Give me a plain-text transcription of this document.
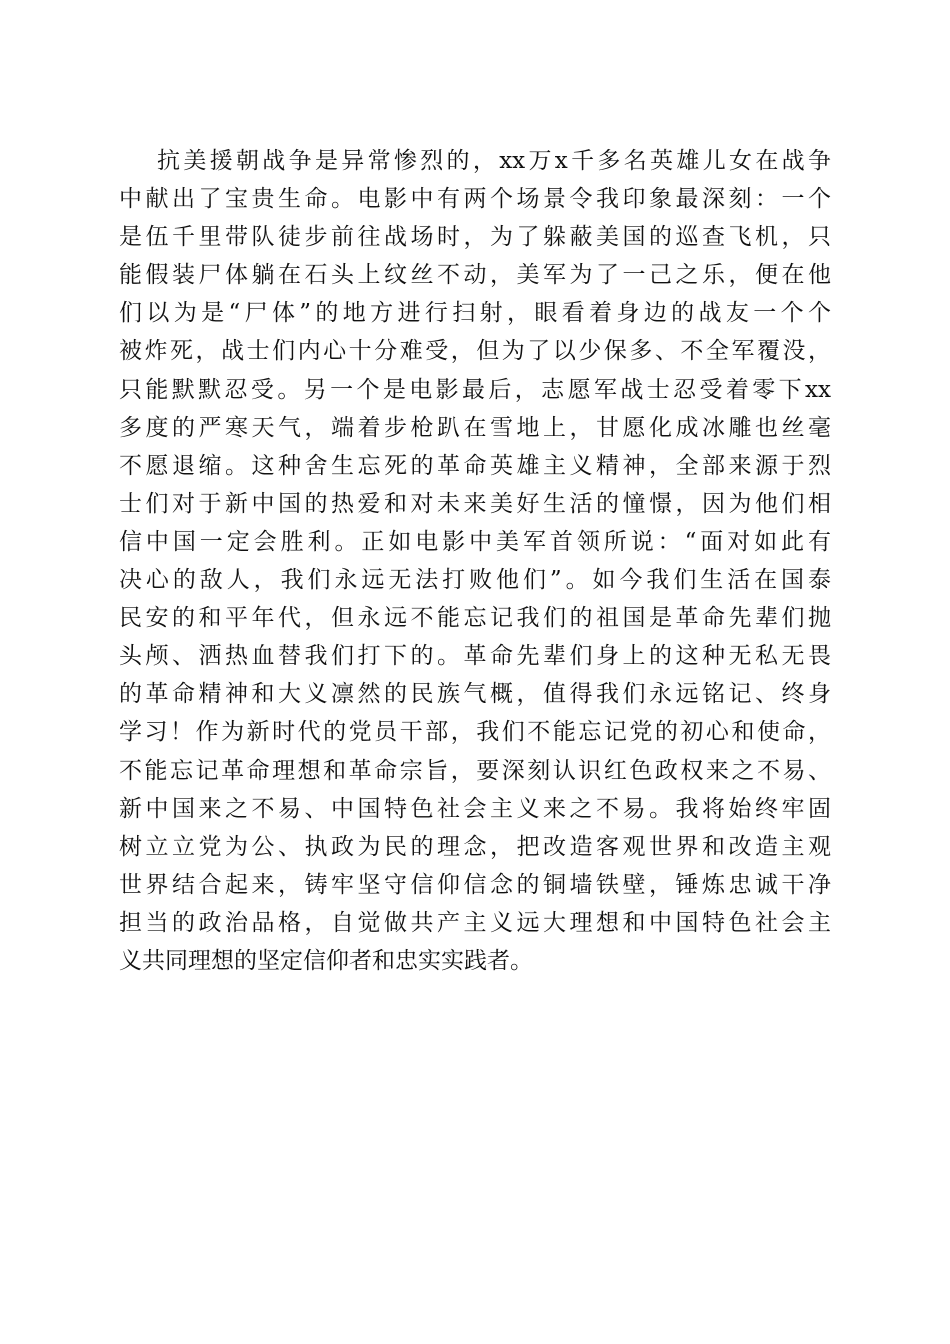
抗美援朝战争是异常惨烈的，xx万x千多名英雄儿女在战争
中献出了宝贵生命。电影中有两个场景令我印象最深刻：一个
是伍千里带队徒步前往战场时，为了躲蔽美国的巡查飞机，只
能假装尸体躺在石头上纹丝不动，美军为了一己之乐，便在他
们以为是“尸体”的地方进行扫射，眼看着身边的战友一个个
被炸死，战士们内心十分难受，但为了以少保多、不全军覆没，
只能默默忍受。另一个是电影最后，志愿军战士忍受着零下xx
多度的严寒天气，端着步枪趴在雪地上，甘愿化成冰雕也丝毫
不愿退缩。这种舍生忘死的革命英雄主义精神，全部来源于烈
士们对于新中国的热爱和对未来美好生活的憧憬，因为他们相
信中国一定会胜利。正如电影中美军首领所说：“面对如此有
决心的敌人，我们永远无法打败他们”。如今我们生活在国泰
民安的和平年代，但永远不能忘记我们的祖国是革命先辈们抛
头颅、洒热血替我们打下的。革命先辈们身上的这种无私无畏
的革命精神和大义凛然的民族气概，值得我们永远铭记、终身
学习！作为新时代的党员干部，我们不能忘记党的初心和使命，
不能忘记革命理想和革命宗旨，要深刻认识红色政权来之不易、
新中国来之不易、中国特色社会主义来之不易。我将始终牢固
树立立党为公、执政为民的理念，把改造客观世界和改造主观
世界结合起来，铸牢坚守信仰信念的铜墙铁壁，锤炼忠诚干净
担当的政治品格，自觉做共产主义远大理想和中国特色社会主
义共同理想的坚定信仰者和忠实实践者。
